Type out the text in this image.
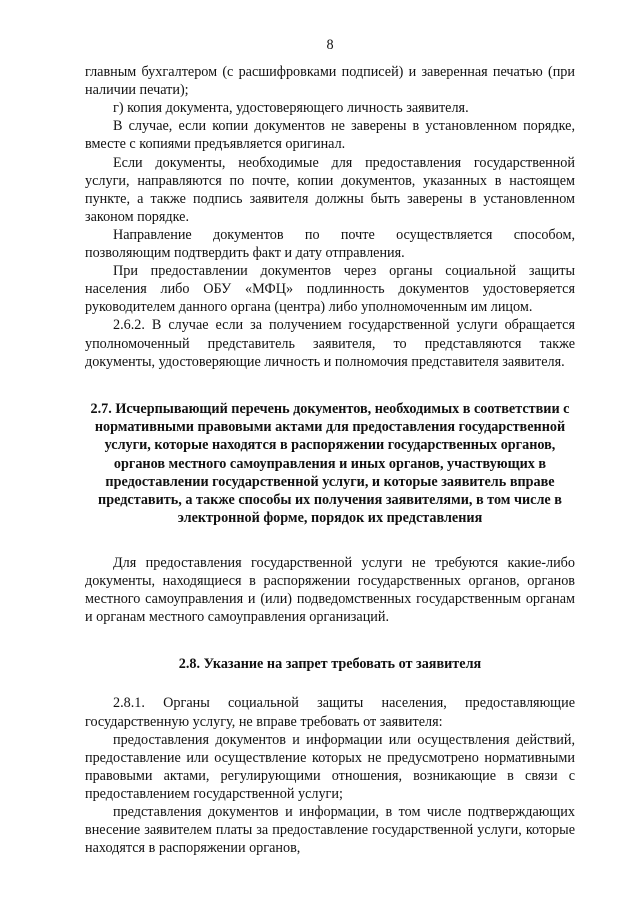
8

главным бухгалтером (с расшифровками подписей) и заверенная печатью (при наличии печати);

г) копия документа, удостоверяющего личность заявителя.

В случае, если копии документов не заверены в установленном порядке, вместе с копиями предъявляется оригинал.

Если документы, необходимые для предоставления государственной услуги, направляются по почте, копии документов, указанных в настоящем пункте, а также подпись заявителя должны быть заверены в установленном законом порядке.

Направление документов по почте осуществляется способом, позволяющим подтвердить факт и дату отправления.

При предоставлении документов через органы социальной защиты населения либо ОБУ «МФЦ» подлинность документов удостоверяется руководителем данного органа (центра) либо уполномоченным им лицом.

2.6.2. В случае если за получением государственной услуги обращается уполномоченный представитель заявителя, то представляются также документы, удостоверяющие личность и полномочия представителя заявителя.

2.7. Исчерпывающий перечень документов, необходимых в соответствии с нормативными правовыми актами для предоставления государственной услуги, которые находятся в распоряжении государственных органов, органов местного самоуправления и иных органов, участвующих в предоставлении государственной услуги, и которые заявитель вправе представить, а также способы их получения заявителями, в том числе в электронной форме, порядок их представления

Для предоставления государственной услуги не требуются какие-либо документы, находящиеся в распоряжении государственных органов, органов местного самоуправления и (или) подведомственных государственным органам и органам местного самоуправления организаций.

2.8. Указание на запрет требовать от заявителя

2.8.1. Органы социальной защиты населения, предоставляющие государственную услугу, не вправе требовать от заявителя:

предоставления документов и информации или осуществления действий, предоставление или осуществление которых не предусмотрено нормативными правовыми актами, регулирующими отношения, возникающие в связи с предоставлением государственной услуги;

представления документов и информации, в том числе подтверждающих внесение заявителем платы за предоставление государственной услуги, которые находятся в распоряжении органов,
